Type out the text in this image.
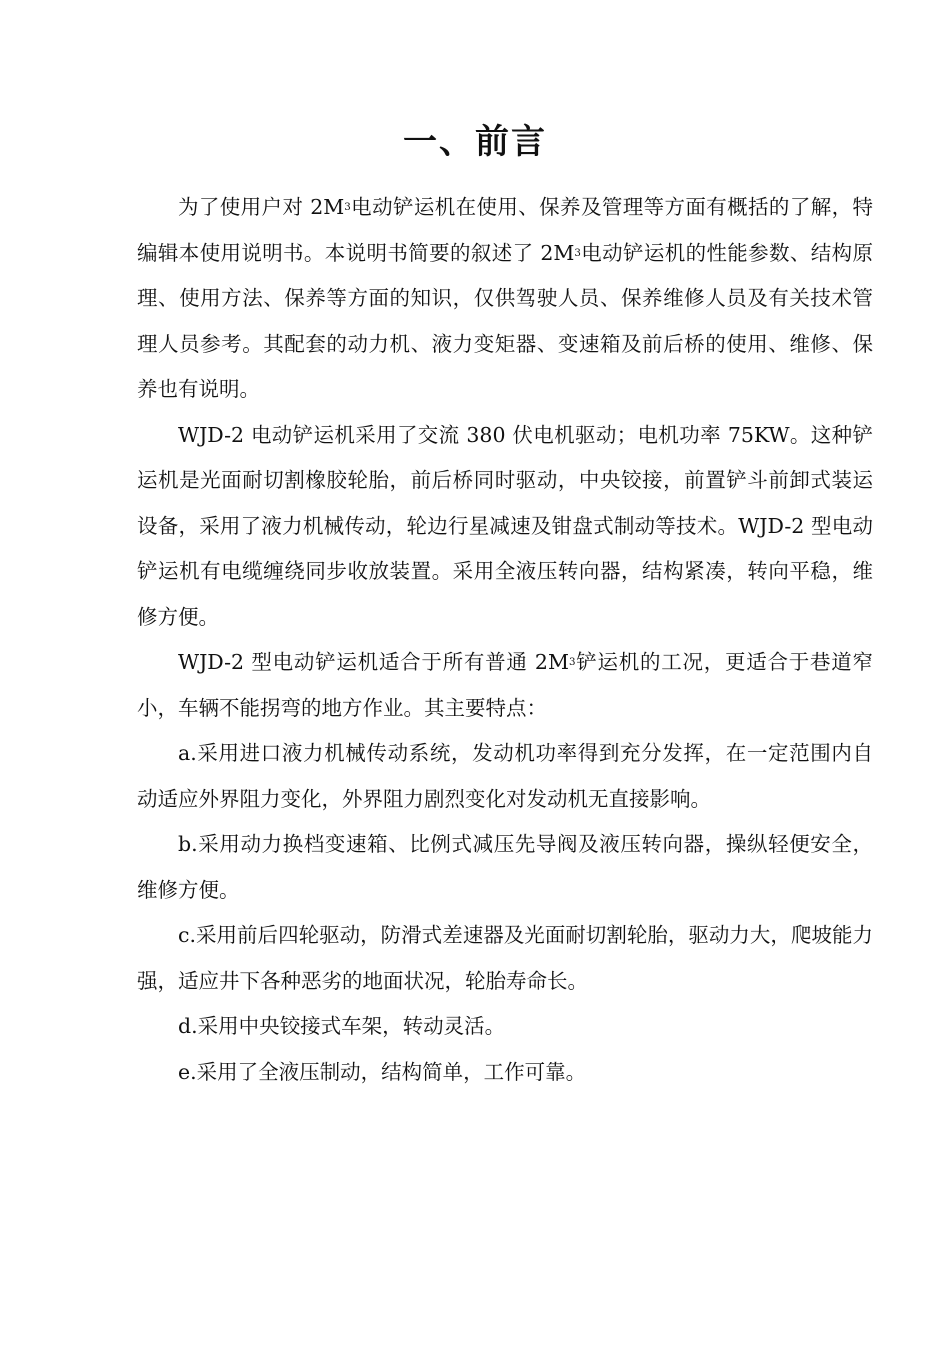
一、前言

为了使用户对 $2M^3$电动铲运机在使用、保养及管理等方面有概括的了解，特编辑本使用说明书。本说明书简要的叙述了 $2M^3$电动铲运机的性能参数、结构原理、使用方法、保养等方面的知识，仅供驾驶人员、保养维修人员及有关技术管理人员参考。其配套的动力机、液力变矩器、变速箱及前后桥的使用、维修、保养也有说明。

WJD-2 电动铲运机采用了交流 380 伏电机驱动；电机功率 75KW。这种铲运机是光面耐切割橡胶轮胎，前后桥同时驱动，中央铰接，前置铲斗前卸式装运设备，采用了液力机械传动，轮边行星减速及钳盘式制动等技术。WJD-2 型电动铲运机有电缆缠绕同步收放装置。采用全液压转向器，结构紧凑，转向平稳，维修方便。

WJD-2 型电动铲运机适合于所有普通 $2M^3$铲运机的工况，更适合于巷道窄小，车辆不能拐弯的地方作业。其主要特点：

a.采用进口液力机械传动系统，发动机功率得到充分发挥，在一定范围内自动适应外界阻力变化，外界阻力剧烈变化对发动机无直接影响。

b.采用动力换档变速箱、比例式减压先导阀及液压转向器，操纵轻便安全，维修方便。

c.采用前后四轮驱动，防滑式差速器及光面耐切割轮胎，驱动力大，爬坡能力强，适应井下各种恶劣的地面状况，轮胎寿命长。

d.采用中央铰接式车架，转动灵活。

e.采用了全液压制动，结构简单，工作可靠。
